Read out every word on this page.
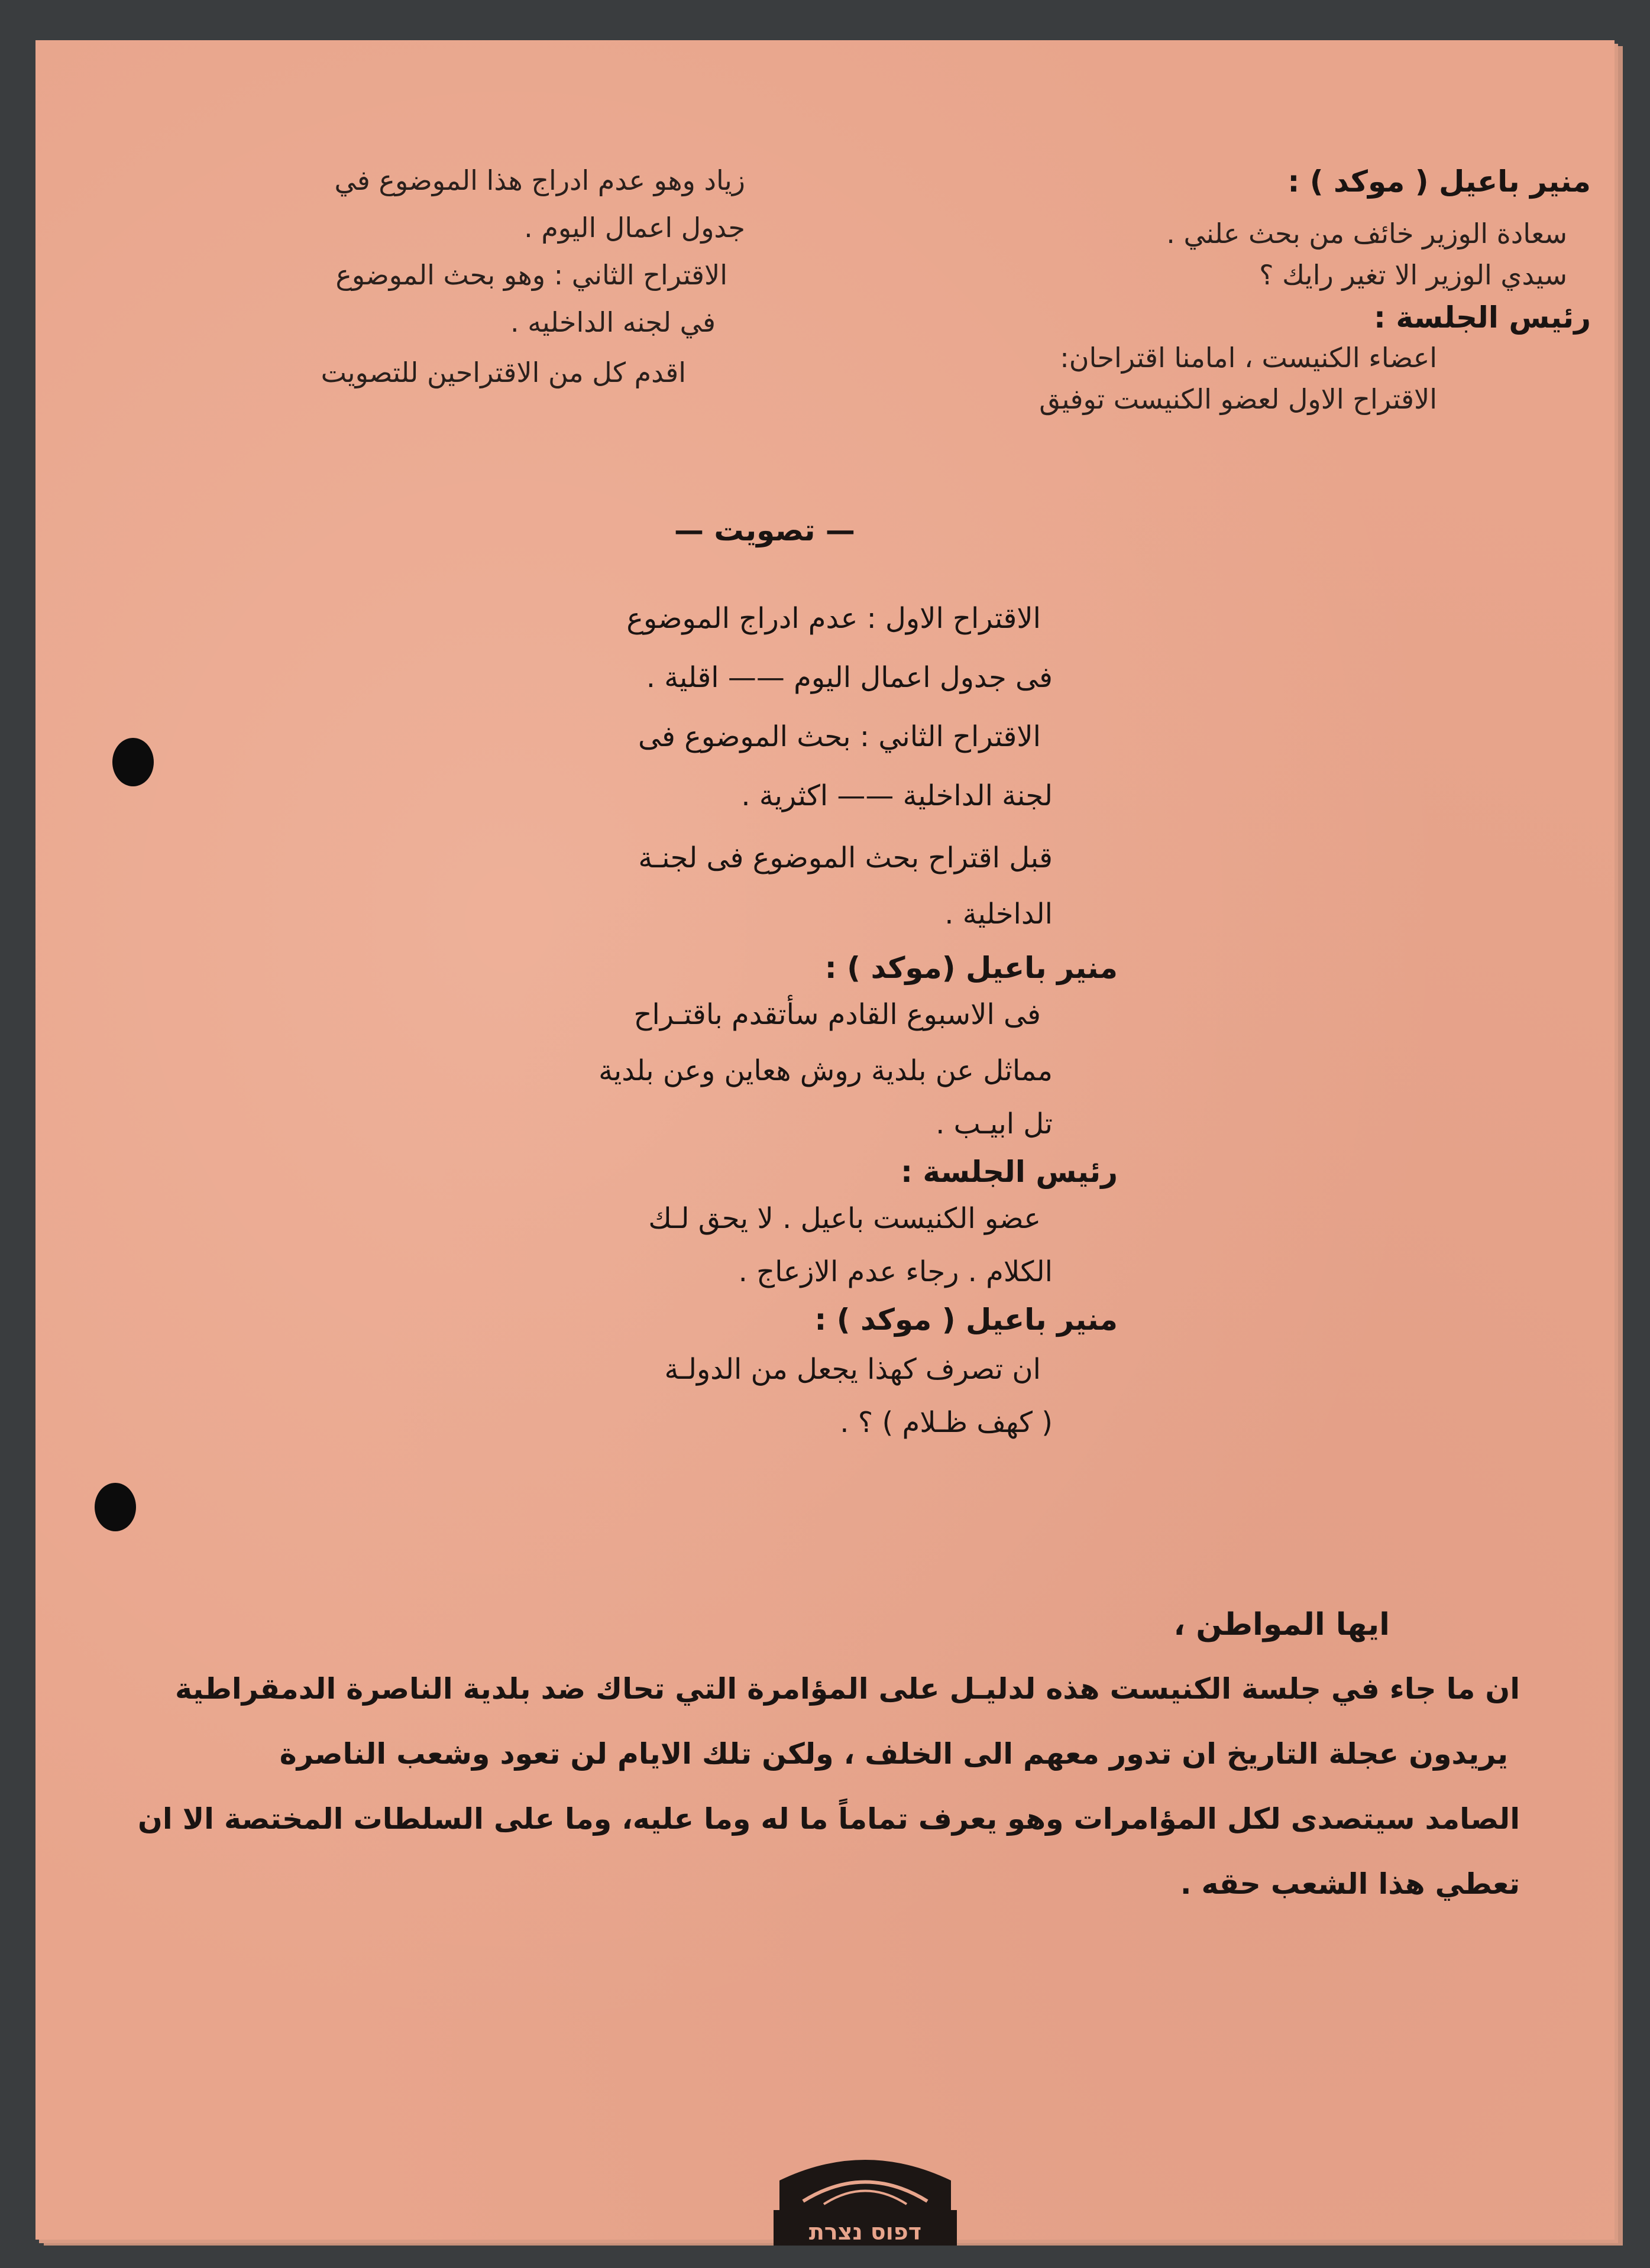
منير باعيل ( موكد ) :
سعادة الوزير خائف من بحث علني .
سيدي الوزير الا تغير رايك ؟
رئيس الجلسة :
اعضاء الكنيست ، امامنا اقتراحان:
الاقتراح الاول لعضو الكنيست توفيق
زياد وهو عدم ادراج هذا الموضوع في
جدول اعمال اليوم .
الاقتراح الثاني : وهو بحث الموضوع
في لجنه الداخليه .
اقدم كل من الاقتراحين للتصويت
— تصويت —
الاقتراح الاول : عدم ادراج الموضوع
فى جدول اعمال اليوم —— اقلية .
الاقتراح الثاني : بحث الموضوع فى
لجنة الداخلية —— اكثرية .
قبل اقتراح بحث الموضوع فى لجنـة
الداخلية .
منير باعيل (موكد ) :
فى الاسبوع القادم سأتقدم باقتـراح
مماثل عن بلدية روش هعاين وعن بلدية
تل ابيـب .
رئيس الجلسة :
عضو الكنيست باعيل . لا يحق لـك
الكلام . رجاء عدم الازعاج .
منير باعيل ( موكد ) :
ان تصرف كهذا يجعل من الدولـة
( كهف ظـلام ) ؟ .
ايها المواطن ،
ان ما جاء في جلسة الكنيست هذه لدليـل على المؤامرة التي تحاك ضد بلدية الناصرة الدمقراطية
يريدون عجلة التاريخ ان تدور معهم الى الخلف ، ولكن تلك الايام لن تعود وشعب الناصرة
الصامد سيتصدى لكل المؤامرات وهو يعرف تماماً ما له وما عليه، وما على السلطات المختصة الا ان
تعطي هذا الشعب حقه .
דפוס נצרת
